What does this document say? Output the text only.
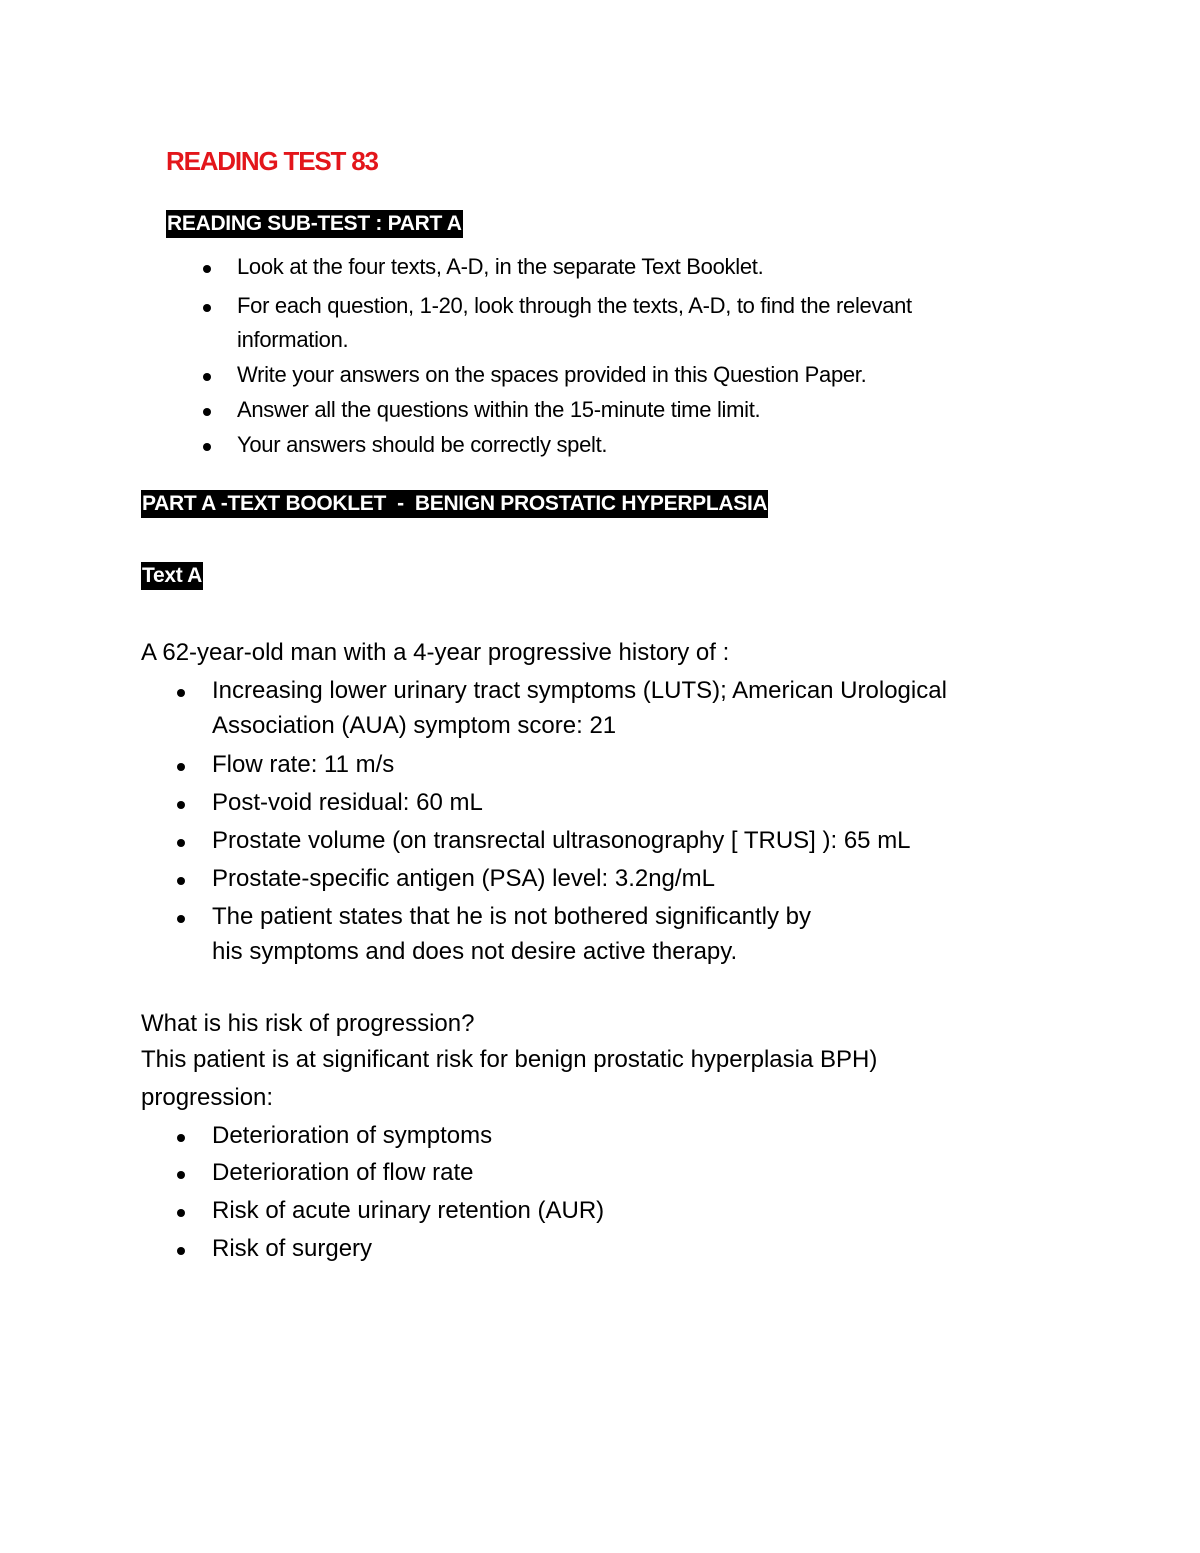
READING TEST 83
READING SUB-TEST : PART A
Look at the four texts, A-D, in the separate Text Booklet.
For each question, 1-20, look through the texts, A-D, to find the relevant
information.
Write your answers on the spaces provided in this Question Paper.
Answer all the questions within the 15-minute time limit.
Your answers should be correctly spelt.
PART A -TEXT BOOKLET  -  BENIGN PROSTATIC HYPERPLASIA
Text A
A 62-year-old man with a 4-year progressive history of :
Increasing lower urinary tract symptoms (LUTS); American Urological
Association (AUA) symptom score: 21
Flow rate: 11 m/s
Post-void residual: 60 mL
Prostate volume (on transrectal ultrasonography [ TRUS] ): 65 mL
Prostate-specific antigen (PSA) level: 3.2ng/mL
The patient states that he is not bothered significantly by
his symptoms and does not desire active therapy.
What is his risk of progression?
This patient is at significant risk for benign prostatic hyperplasia BPH)
progression:
Deterioration of symptoms
Deterioration of flow rate
Risk of acute urinary retention (AUR)
Risk of surgery
